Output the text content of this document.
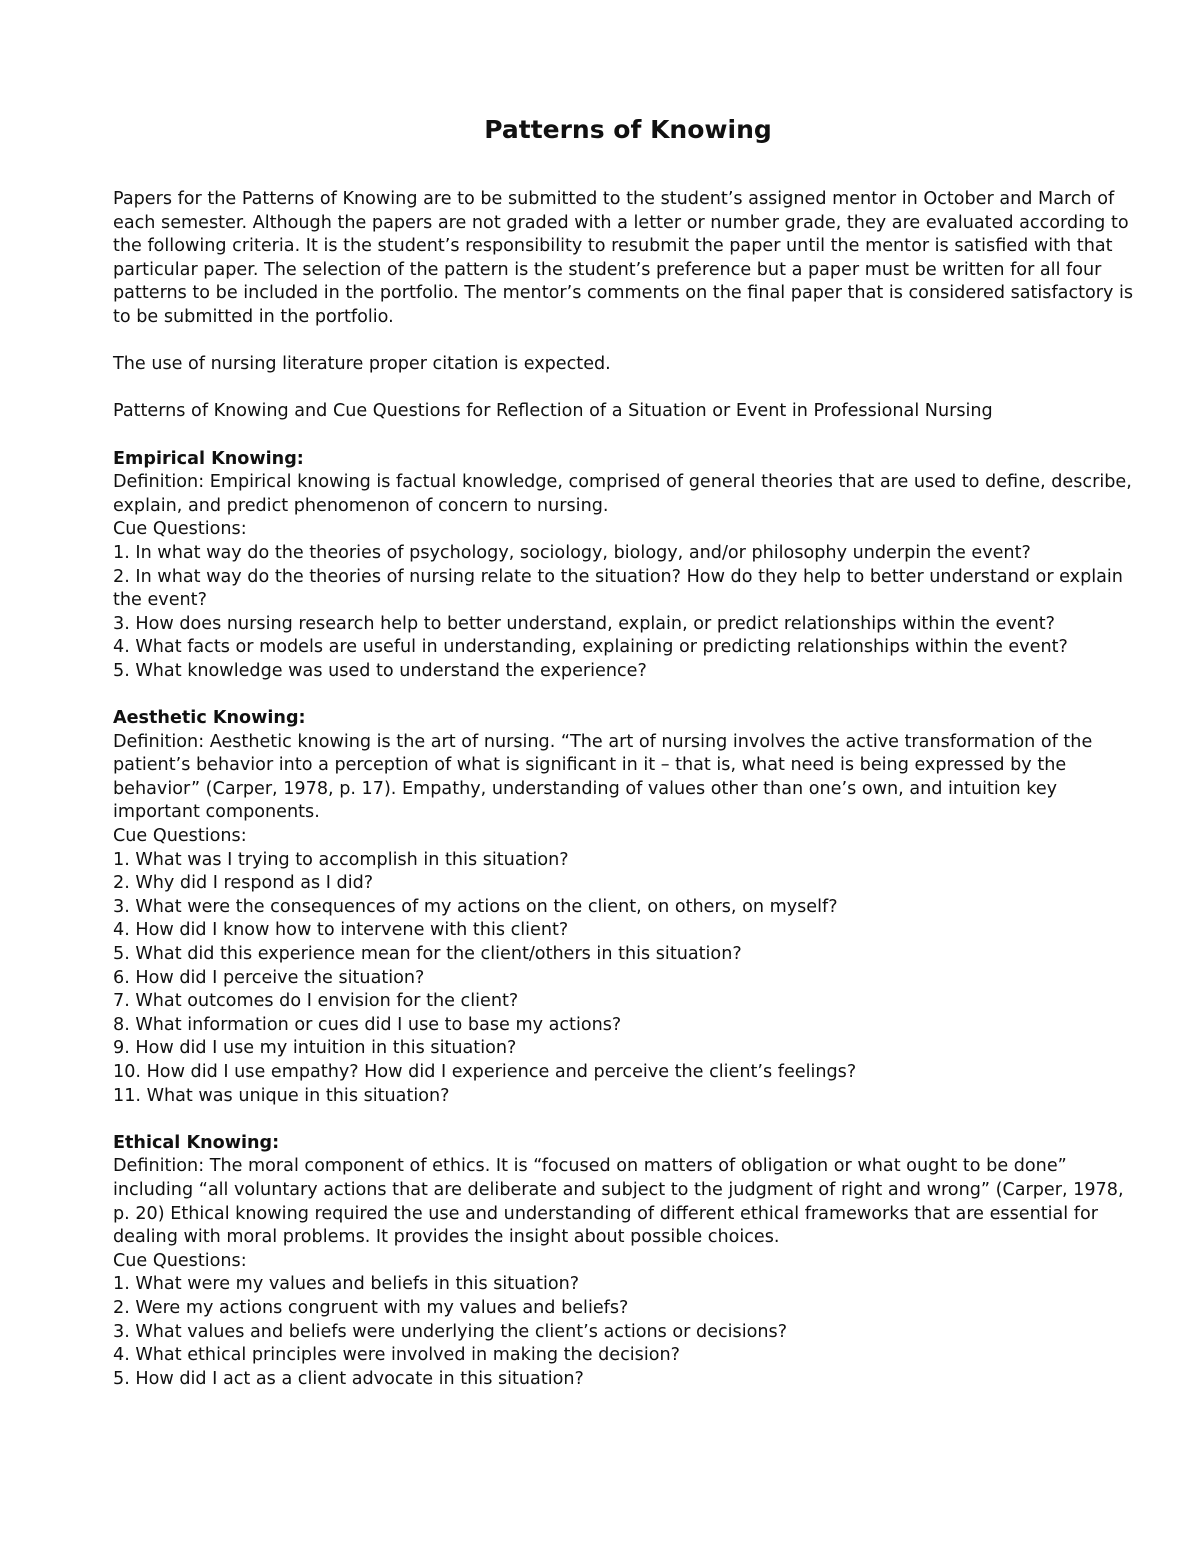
Patterns of Knowing

Papers for the Patterns of Knowing are to be submitted to the student’s assigned mentor in October and March of each semester. Although the papers are not graded with a letter or number grade, they are evaluated according to the following criteria. It is the student’s responsibility to resubmit the paper until the mentor is satisfied with that particular paper. The selection of the pattern is the student’s preference but a paper must be written for all four patterns to be included in the portfolio. The mentor’s comments on the final paper that is considered satisfactory is to be submitted in the portfolio.

The use of nursing literature proper citation is expected.

Patterns of Knowing and Cue Questions for Reflection of a Situation or Event in Professional Nursing

Empirical Knowing:

Definition: Empirical knowing is factual knowledge, comprised of general theories that are used to define, describe, explain, and predict phenomenon of concern to nursing.

Cue Questions:
1. In what way do the theories of psychology, sociology, biology, and/or philosophy underpin the event?
2. In what way do the theories of nursing relate to the situation? How do they help to better understand or explain the event?
3. How does nursing research help to better understand, explain, or predict relationships within the event?
4. What facts or models are useful in understanding, explaining or predicting relationships within the event?
5. What knowledge was used to understand the experience?
Aesthetic Knowing:

Definition: Aesthetic knowing is the art of nursing. “The art of nursing involves the active transformation of the patient’s behavior into a perception of what is significant in it – that is, what need is being expressed by the behavior” (Carper, 1978, p. 17). Empathy, understanding of values other than one’s own, and intuition key important components.

Cue Questions:
1. What was I trying to accomplish in this situation?
2. Why did I respond as I did?
3. What were the consequences of my actions on the client, on others, on myself?
4. How did I know how to intervene with this client?
5. What did this experience mean for the client/others in this situation?
6. How did I perceive the situation?
7. What outcomes do I envision for the client?
8. What information or cues did I use to base my actions?
9. How did I use my intuition in this situation?
10. How did I use empathy? How did I experience and perceive the client’s feelings?
11. What was unique in this situation?
Ethical Knowing:

Definition: The moral component of ethics. It is “focused on matters of obligation or what ought to be done” including “all voluntary actions that are deliberate and subject to the judgment of right and wrong” (Carper, 1978, p. 20) Ethical knowing required the use and understanding of different ethical frameworks that are essential for dealing with moral problems. It provides the insight about possible choices.

Cue Questions:
1. What were my values and beliefs in this situation?
2. Were my actions congruent with my values and beliefs?
3. What values and beliefs were underlying the client’s actions or decisions?
4. What ethical principles were involved in making the decision?
5. How did I act as a client advocate in this situation?
